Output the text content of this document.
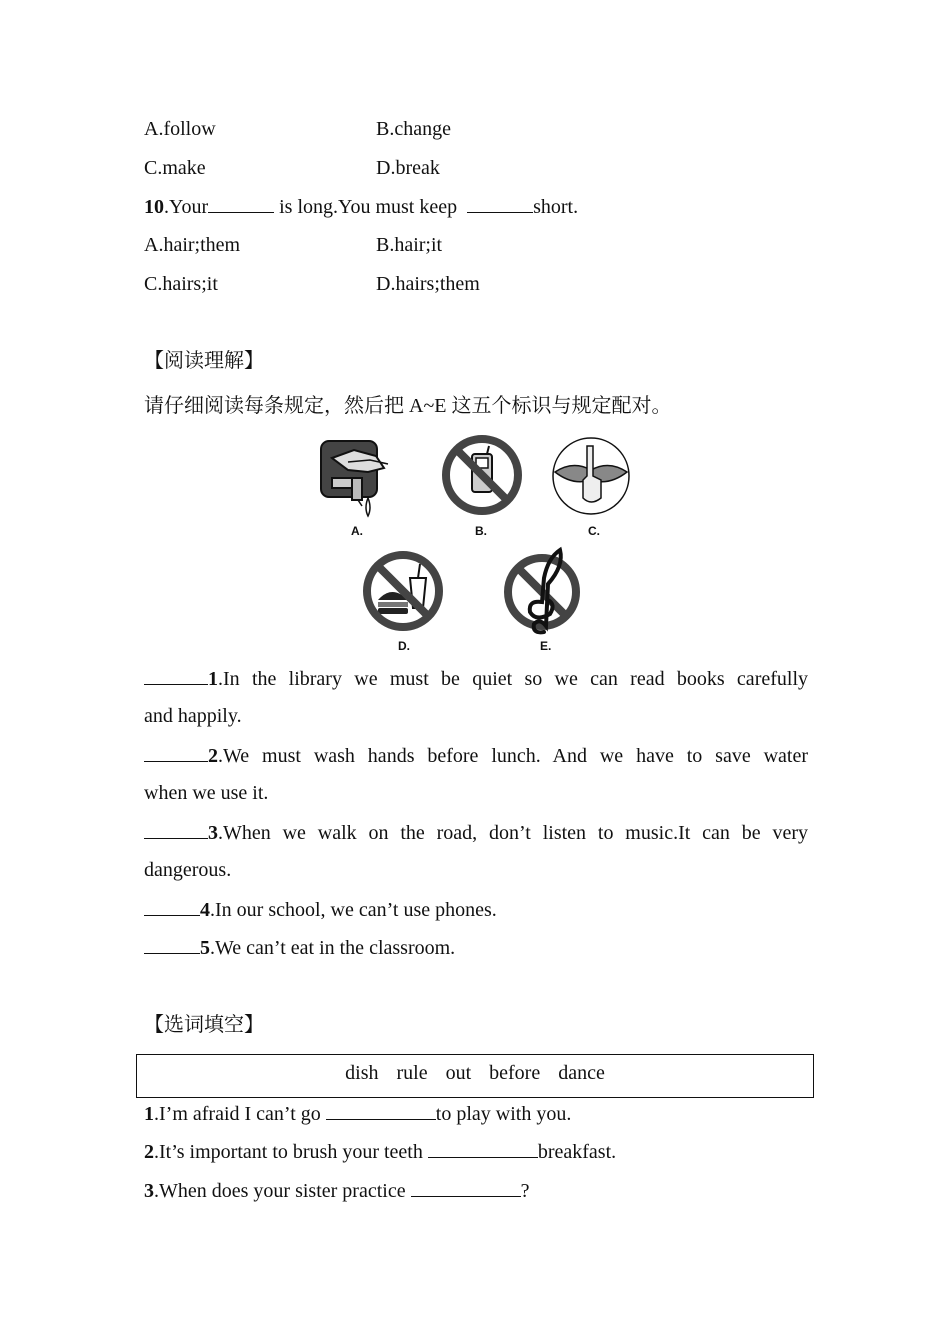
A.follow	B.change
C.make	D.break
10.Your	is long.You must keep	short.
A.hair;them	B.hair;it
C.hairs;it	D.hairs;them
【阅读理解】
请仔细阅读每条规定，然后把 A~E 这五个标识与规定配对。
A.	B.	C.
D.	E.
1.In the library we must be quiet so we can read books carefully
and happily.
2.We must wash hands before lunch. And we have to save water
when we use it.
3.When we walk on the road, don’t listen to music.It can be very
dangerous.
4.In our school, we can’t use phones.
5.We can’t eat in the classroom.
【选词填空】
dish rule out before dance
1.I’m afraid I can’t go	to play with you.
2.It’s important to brush your teeth	breakfast.
3.When does your sister practice	?
